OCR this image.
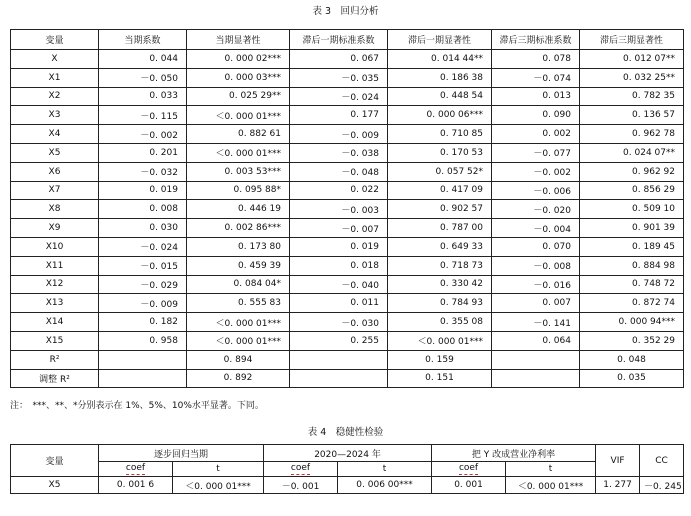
表 3　回归分析
变量	当期系数	当期显著性	滞后一期标准系数	滞后一期显著性	滞后三期标准系数	滞后三期显著性
X	0. 044	0. 000 02***	0. 067	0. 014 44**	0. 078	0. 012 07**
X1	－0. 050	0. 000 03***	－0. 035	0. 186 38	－0. 074	0. 032 25**
X2	0. 033	0. 025 29**	－0. 024	0. 448 54	0. 013	0. 782 35
X3	－0. 115	＜0. 000 01***	0. 177	0. 000 06***	0. 090	0. 136 57
X4	－0. 002	0. 882 61	－0. 009	0. 710 85	0. 002	0. 962 78
X5	0. 201	＜0. 000 01***	－0. 038	0. 170 53	－0. 077	0. 024 07**
X6	－0. 032	0. 003 53***	－0. 048	0. 057 52*	－0. 002	0. 962 92
X7	0. 019	0. 095 88*	0. 022	0. 417 09	－0. 006	0. 856 29
X8	0. 008	0. 446 19	－0. 003	0. 902 57	－0. 020	0. 509 10
X9	0. 030	0. 002 86***	－0. 007	0. 787 00	－0. 004	0. 901 39
X10	－0. 024	0. 173 80	0. 019	0. 649 33	0. 070	0. 189 45
X11	－0. 015	0. 459 39	0. 018	0. 718 73	－0. 008	0. 884 98
X12	－0. 029	0. 084 04*	－0. 040	0. 330 42	－0. 016	0. 748 72
X13	－0. 009	0. 555 83	0. 011	0. 784 93	0. 007	0. 872 74
X14	0. 182	＜0. 000 01***	－0. 030	0. 355 08	－0. 141	0. 000 94***
X15	0. 958	＜0. 000 01***	0. 255	＜0. 000 01***	0. 064	0. 352 29
R²		0. 894		0. 159		0. 048
调整 R²		0. 892		0. 151		0. 035
注：　***、**、*分别表示在 1%、5%、10%水平显著。下同。
表 4　稳健性检验
变量	逐步回归当期		2020—2024 年		把 Y 改成营业净利率		VIF	CC
	coef	t	coef	t	coef	t		
X5	0. 001 6	＜0. 000 01***	－0. 001	0. 006 00***	0. 001	＜0. 000 01***	1. 277	－0. 245
